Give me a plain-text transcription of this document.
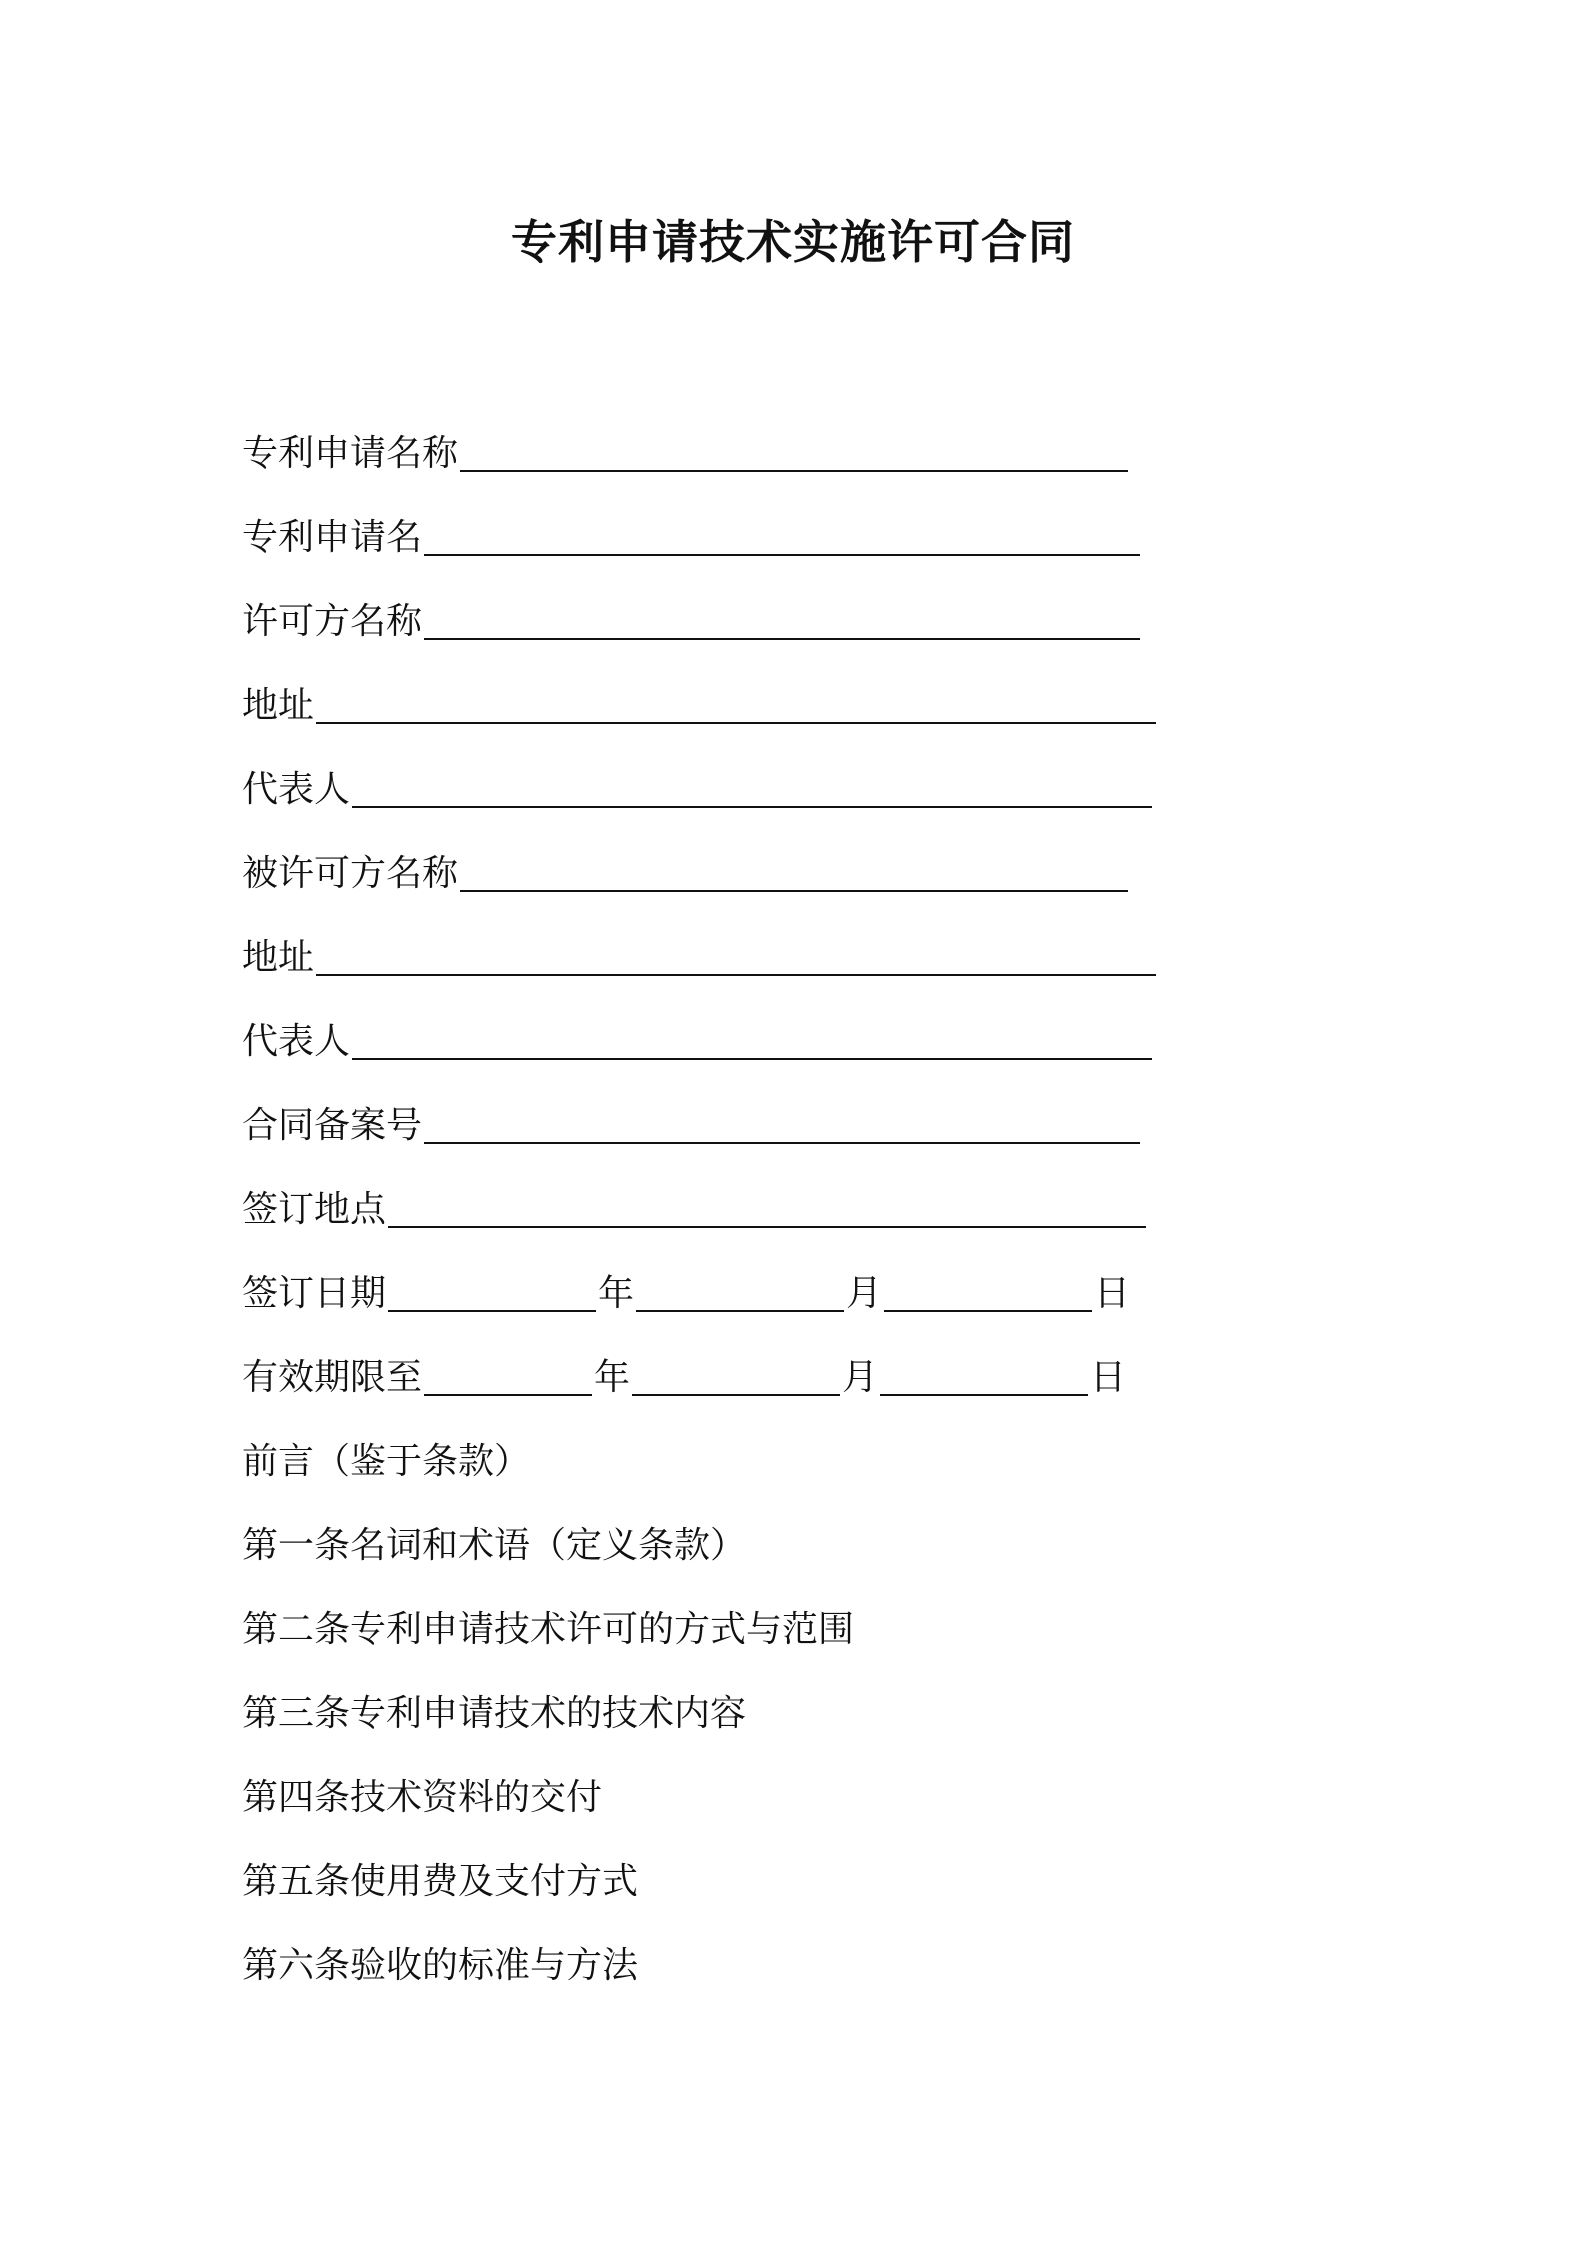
专利申请技术实施许可合同
专利申请名称
专利申请名
许可方名称
地址
代表人
被许可方名称
地址
代表人
合同备案号
签订地点
签订日期	年	月	日
有效期限至	年	月	日
前言（鉴于条款）
第一条名词和术语（定义条款）
第二条专利申请技术许可的方式与范围
第三条专利申请技术的技术内容
第四条技术资料的交付
第五条使用费及支付方式
第六条验收的标准与方法
